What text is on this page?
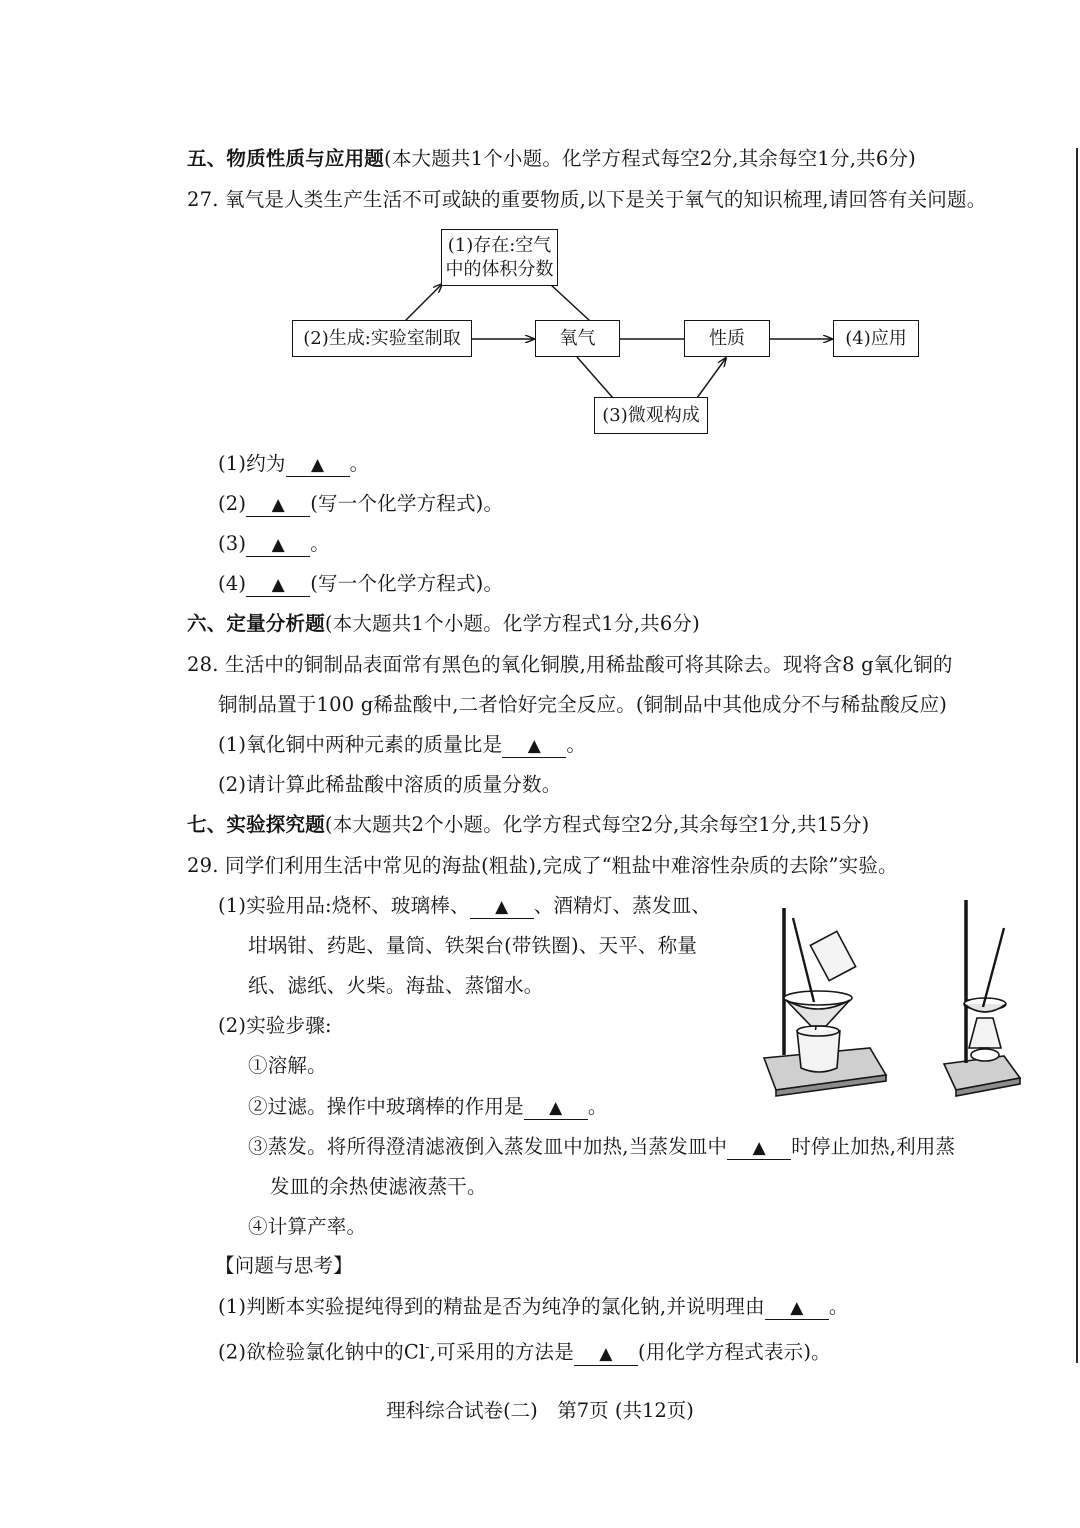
五、物质性质与应用题(本大题共1个小题。化学方程式每空2分,其余每空1分,共6分)
27. 氧气是人类生产生活不可或缺的重要物质,以下是关于氧气的知识梳理,请回答有关问题。
(1)存在:空气
中的体积分数
(2)生成:实验室制取	氧气	性质	(4)应用
(3)微观构成
(1)约为 ▲ 。
(2) ▲ (写一个化学方程式)。
(3) ▲ 。
(4) ▲ (写一个化学方程式)。
六、定量分析题(本大题共1个小题。化学方程式1分,共6分)
28. 生活中的铜制品表面常有黑色的氧化铜膜,用稀盐酸可将其除去。现将含8 g氧化铜的
铜制品置于100 g稀盐酸中,二者恰好完全反应。(铜制品中其他成分不与稀盐酸反应)
(1)氧化铜中两种元素的质量比是 ▲ 。
(2)请计算此稀盐酸中溶质的质量分数。
七、实验探究题(本大题共2个小题。化学方程式每空2分,其余每空1分,共15分)
29. 同学们利用生活中常见的海盐(粗盐),完成了“粗盐中难溶性杂质的去除”实验。
(1)实验用品:烧杯、玻璃棒、 ▲ 、酒精灯、蒸发皿、
坩埚钳、药匙、量筒、铁架台(带铁圈)、天平、称量
纸、滤纸、火柴。海盐、蒸馏水。
(2)实验步骤:
①溶解。
②过滤。操作中玻璃棒的作用是 ▲ 。
③蒸发。将所得澄清滤液倒入蒸发皿中加热,当蒸发皿中 ▲ 时停止加热,利用蒸
发皿的余热使滤液蒸干。
④计算产率。
【问题与思考】
(1)判断本实验提纯得到的精盐是否为纯净的氯化钠,并说明理由 ▲ 。
(2)欲检验氯化钠中的Cl-,可采用的方法是 ▲ (用化学方程式表示)。
理科综合试卷(二)　第7页 (共12页)
